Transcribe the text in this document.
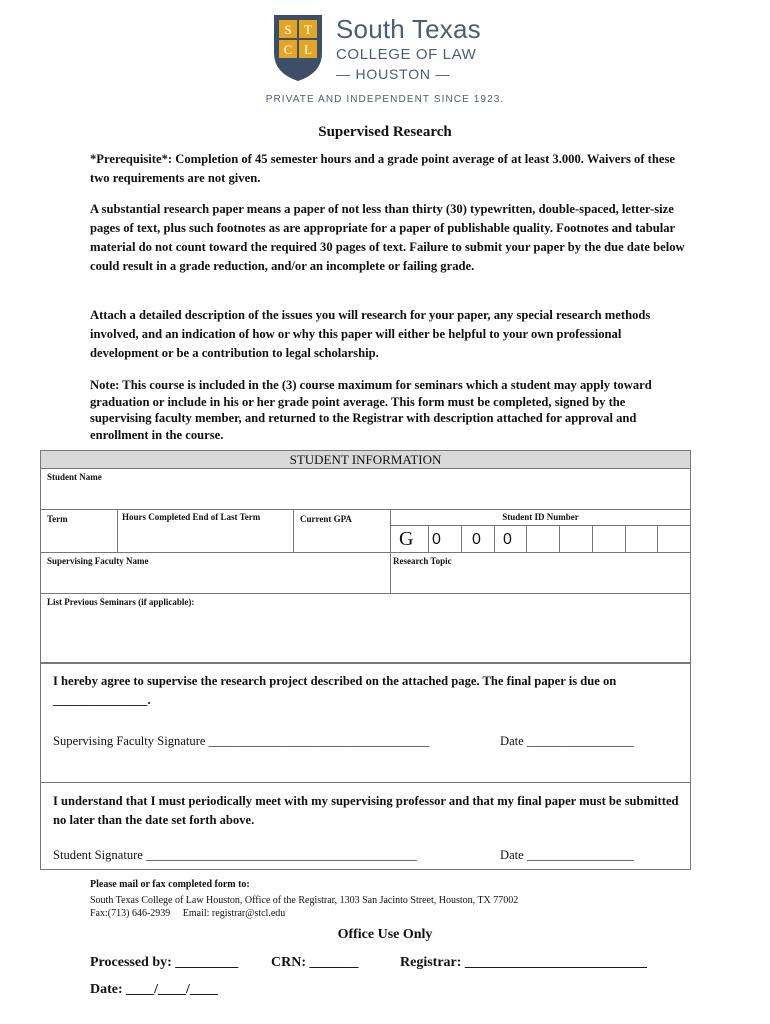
S T
C L
South Texas
COLLEGE OF LAW
— HOUSTON —
PRIVATE AND INDEPENDENT SINCE 1923.
Supervised Research

*Prerequisite*: Completion of 45 semester hours and a grade point average of at least 3.000. Waivers of these two requirements are not given.

A substantial research paper means a paper of not less than thirty (30) typewritten, double-spaced, letter-size pages of text, plus such footnotes as are appropriate for a paper of publishable quality. Footnotes and tabular material do not count toward the required 30 pages of text. Failure to submit your paper by the due date below could result in a grade reduction, and/or an incomplete or failing grade.

Attach a detailed description of the issues you will research for your paper, any special research methods involved, and an indication of how or why this paper will either be helpful to your own professional development or be a contribution to legal scholarship.

Note: This course is included in the (3) course maximum for seminars which a student may apply toward graduation or include in his or her grade point average. This form must be completed, signed by the supervising faculty member, and returned to the Registrar with description attached for approval and enrollment in the course.

STUDENT INFORMATION
Student Name
Term	Hours Completed End of Last Term	Current GPA	Student ID Number
G 0 0 0
Supervising Faculty Name	Research Topic
List Previous Seminars (if applicable):
I hereby agree to supervise the research project described on the attached page. The final paper is due on _______________.
Supervising Faculty Signature ___________________________________	Date _________________
I understand that I must periodically meet with my supervising professor and that my final paper must be submitted no later than the date set forth above.
Student Signature ___________________________________________	Date _________________
Please mail or fax completed form to:
South Texas College of Law Houston, Office of the Registrar, 1303 San Jacinto Street, Houston, TX 77002
Fax:(713) 646-2939     Email: registrar@stcl.edu
Office Use Only
Processed by: _________ CRN: _______	Registrar: __________________________
Date: ____/____/____
